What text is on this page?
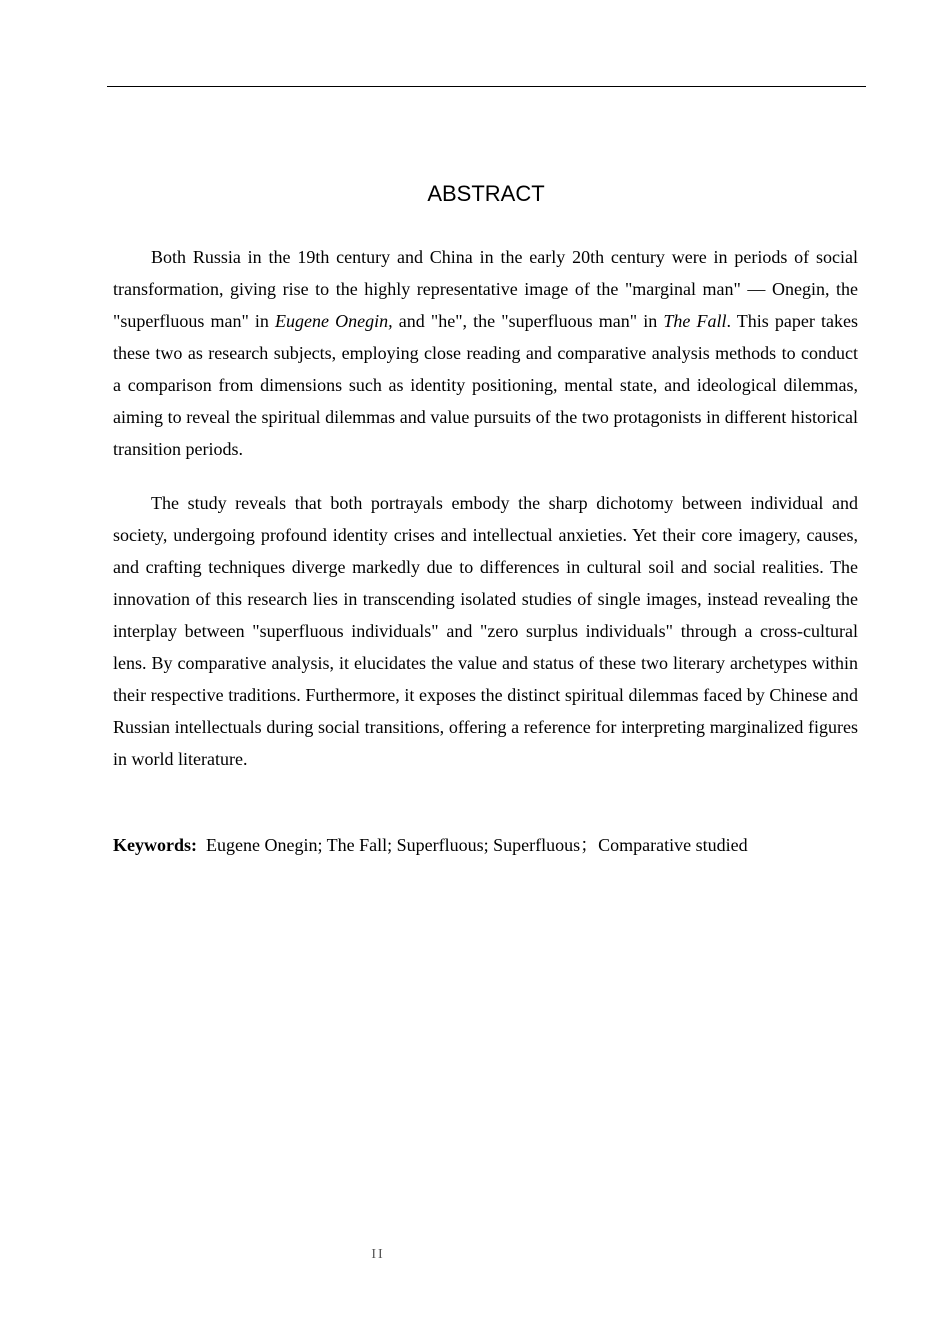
ABSTRACT

Both Russia in the 19th century and China in the early 20th century were in periods of social transformation, giving rise to the highly representative image of the "marginal man" — Onegin, the "superfluous man" in Eugene Onegin, and "he", the "superfluous man" in The Fall. This paper takes these two as research subjects, employing close reading and comparative analysis methods to conduct a comparison from dimensions such as identity positioning, mental state, and ideological dilemmas, aiming to reveal the spiritual dilemmas and value pursuits of the two protagonists in different historical transition periods.

The study reveals that both portrayals embody the sharp dichotomy between individual and society, undergoing profound identity crises and intellectual anxieties. Yet their core imagery, causes, and crafting techniques diverge markedly due to differences in cultural soil and social realities. The innovation of this research lies in transcending isolated studies of single images, instead revealing the interplay between "superfluous individuals" and "zero surplus individuals" through a cross-cultural lens. By comparative analysis, it elucidates the value and status of these two literary archetypes within their respective traditions. Furthermore, it exposes the distinct spiritual dilemmas faced by Chinese and Russian intellectuals during social transitions, offering a reference for interpreting marginalized figures in world literature.

Keywords: Eugene Onegin; The Fall; Superfluous; Superfluous；Comparative studied

II
